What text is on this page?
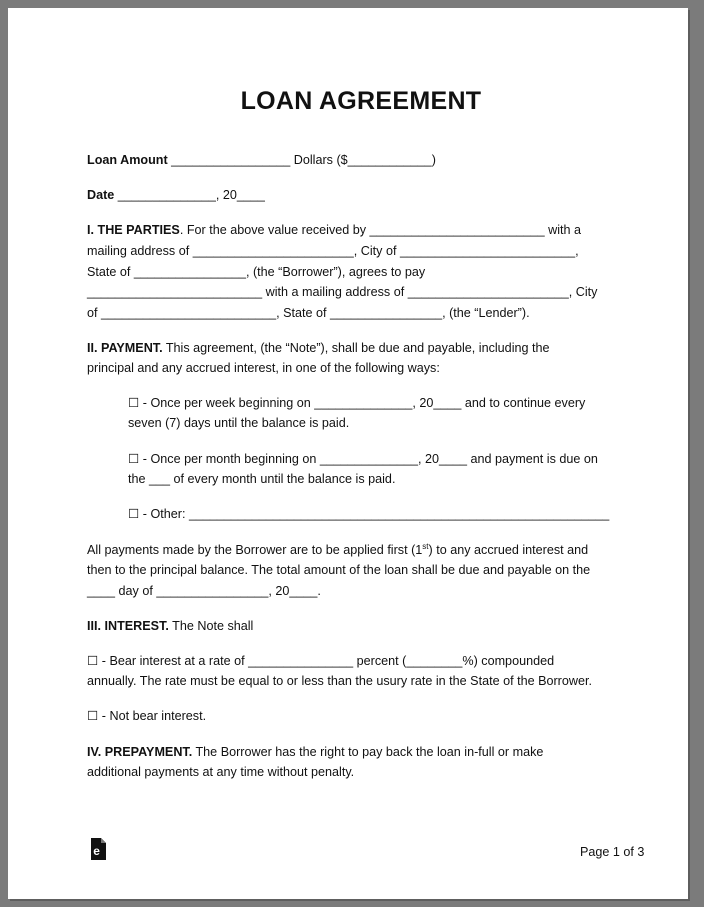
LOAN AGREEMENT
Loan Amount _________________ Dollars ($____________)
Date ______________, 20____
I. THE PARTIES. For the above value received by _________________________ with a
mailing address of _______________________, City of _________________________,
State of ________________, (the “Borrower”), agrees to pay
_________________________ with a mailing address of _______________________, City
of _________________________, State of ________________, (the “Lender”).
II. PAYMENT. This agreement, (the “Note”), shall be due and payable, including the
principal and any accrued interest, in one of the following ways:
☐ - Once per week beginning on ______________, 20____ and to continue every
seven (7) days until the balance is paid.
☐ - Once per month beginning on ______________, 20____ and payment is due on
the ___ of every month until the balance is paid.
☐ - Other: ____________________________________________________________
All payments made by the Borrower are to be applied first (1st) to any accrued interest and
then to the principal balance. The total amount of the loan shall be due and payable on the
____ day of ________________, 20____.
III. INTEREST. The Note shall
☐ - Bear interest at a rate of _______________ percent (________%) compounded
annually. The rate must be equal to or less than the usury rate in the State of the Borrower.
☐ - Not bear interest.
IV. PREPAYMENT. The Borrower has the right to pay back the loan in-full or make
additional payments at any time without penalty.
e	Page 1 of 3
